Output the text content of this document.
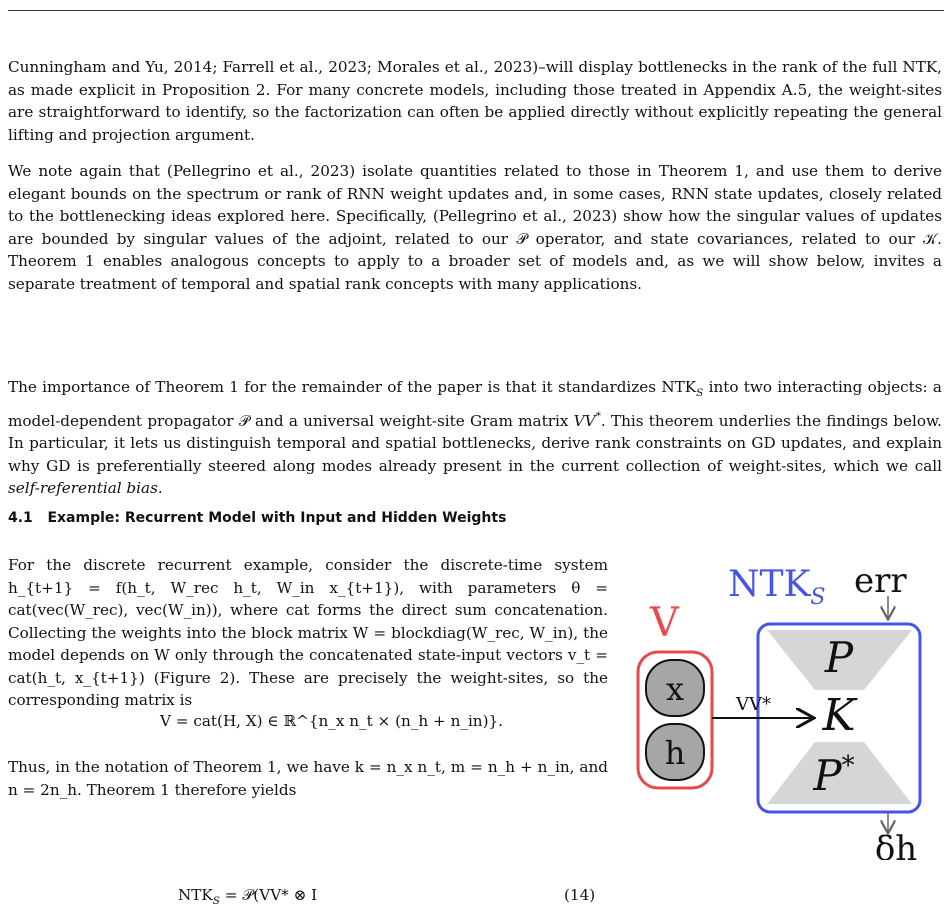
Cunningham and Yu, 2014; Farrell et al., 2023; Morales et al., 2023)–will display bottlenecks in the rank of the full NTK, as made explicit in Proposition 2. For many concrete models, including those treated in Appendix A.5, the weight-sites are straightforward to identify, so the factorization can often be applied directly without explicitly repeating the general lifting and projection argument.

We note again that (Pellegrino et al., 2023) isolate quantities related to those in Theorem 1, and use them to derive elegant bounds on the spectrum or rank of RNN weight updates and, in some cases, RNN state updates, closely related to the bottlenecking ideas explored here. Specifically, (Pellegrino et al., 2023) show how the singular values of updates are bounded by singular values of the adjoint, related to our 𝒫 operator, and state covariances, related to our 𝒦. Theorem 1 enables analogous concepts to apply to a broader set of models and, as we will show below, invites a separate treatment of temporal and spatial rank concepts with many applications.

The importance of Theorem 1 for the remainder of the paper is that it standardizes $NTK_S$ into two interacting objects: a model-dependent propagator 𝒫 and a universal weight-site Gram matrix VV*. This theorem underlies the findings below. In particular, it lets us distinguish temporal and spatial bottlenecks, derive rank constraints on GD updates, and explain why GD is preferentially steered along modes already present in the current collection of weight-sites, which we call self-referential bias.

4.1 Example: Recurrent Model with Input and Hidden Weights

For the discrete recurrent example, consider the discrete-time system h_{t+1} = f(h_t, W_rec h_t, W_in x_{t+1}), with parameters θ = cat(vec(W_rec), vec(W_in)), where cat forms the direct sum concatenation. Collecting the weights into the block matrix W = blockdiag(W_rec, W_in), the model depends on W only through the concatenated state-input vectors v_t = cat(h_t, x_{t+1}) (Figure 2). These are precisely the weight-sites, so the corresponding matrix is

V = cat(H, X) ∈ ℝ^{n_x n_t × (n_h + n_in)}.

Thus, in the notation of Theorem 1, we have k = n_x n_t, m = n_h + n_in, and n = 2n_h. Theorem 1 therefore yields

$NTK_S$ = 𝒫(VV* ⊗ I	(14)
$NTK_S$ err
V
x
h
P
K
P*
VV*
δh
